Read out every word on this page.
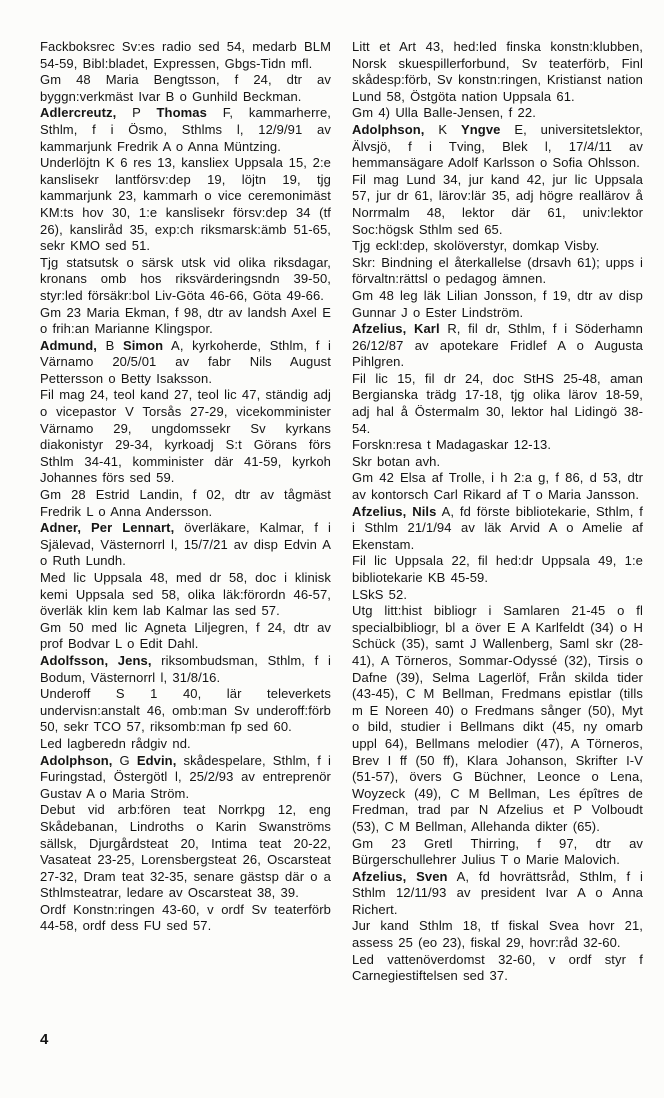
Fackboksrec Sv:es radio sed 54, medarb BLM 54-59, Bibl:bladet, Expressen, Gbgs-Tidn mfl.

Gm 48 Maria Bengtsson, f 24, dtr av byggn:verkmäst Ivar B o Gunhild Beckman.

Adlercreutz, P Thomas F, kammarherre, Sthlm, f i Ösmo, Sthlms l, 12/9/91 av kammarjunk Fredrik A o Anna Müntzing.

Underlöjtn K 6 res 13, kansliex Uppsala 15, 2:e kanslisekr lantförsv:dep 19, löjtn 19, tjg kammarjunk 23, kammarh o vice ceremonimäst KM:ts hov 30, 1:e kanslisekr försv:dep 34 (tf 26), kansliråd 35, exp:ch riksmarsk:ämb 51-65, sekr KMO sed 51.

Tjg statsutsk o särsk utsk vid olika riksdagar, kronans omb hos riksvärderingsndn 39-50, styr:led försäkr:bol Liv-Göta 46-66, Göta 49-66.

Gm 23 Maria Ekman, f 98, dtr av landsh Axel E o frih:an Marianne Klingspor.

Admund, B Simon A, kyrkoherde, Sthlm, f i Värnamo 20/5/01 av fabr Nils August Pettersson o Betty Isaksson.

Fil mag 24, teol kand 27, teol lic 47, ständig adj o vicepastor V Torsås 27-29, vicekomminister Värnamo 29, ungdomssekr Sv kyrkans diakonistyr 29-34, kyrkoadj S:t Görans förs Sthlm 34-41, komminister där 41-59, kyrkoh Johannes förs sed 59.

Gm 28 Estrid Landin, f 02, dtr av tågmäst Fredrik L o Anna Andersson.

Adner, Per Lennart, överläkare, Kalmar, f i Själevad, Västernorrl l, 15/7/21 av disp Edvin A o Ruth Lundh.

Med lic Uppsala 48, med dr 58, doc i klinisk kemi Uppsala sed 58, olika läk:förordn 46-57, överläk klin kem lab Kalmar las sed 57.

Gm 50 med lic Agneta Liljegren, f 24, dtr av prof Bodvar L o Edit Dahl.

Adolfsson, Jens, riksombudsman, Sthlm, f i Bodum, Västernorrl l, 31/8/16.

Underoff S 1 40, lär televerkets undervisn:anstalt 46, omb:man Sv underoff:förb 50, sekr TCO 57, riksomb:man fp sed 60.

Led lagberedn rådgiv nd.

Adolphson, G Edvin, skådespelare, Sthlm, f i Furingstad, Östergötl l, 25/2/93 av entreprenör Gustav A o Maria Ström.

Debut vid arb:fören teat Norrkpg 12, eng Skådebanan, Lindroths o Karin Swanströms sällsk, Djurgårdsteat 20, Intima teat 20-22, Vasateat 23-25, Lorensbergsteat 26, Oscarsteat 27-32, Dram teat 32-35, senare gästsp där o a Sthlmsteatrar, ledare av Oscarsteat 38, 39.

Ordf Konstn:ringen 43-60, v ordf Sv teaterförb 44-58, ordf dess FU sed 57.

Litt et Art 43, hed:led finska konstn:klubben, Norsk skuespillerforbund, Sv teaterförb, Finl skådesp:förb, Sv konstn:ringen, Kristianst nation Lund 58, Östgöta nation Uppsala 61.

Gm 4) Ulla Balle-Jensen, f 22.

Adolphson, K Yngve E, universitetslektor, Älvsjö, f i Tving, Blek l, 17/4/11 av hemmansägare Adolf Karlsson o Sofia Ohlsson.

Fil mag Lund 34, jur kand 42, jur lic Uppsala 57, jur dr 61, lärov:lär 35, adj högre reallärov å Norrmalm 48, lektor där 61, univ:lektor Soc:högsk Sthlm sed 65.

Tjg eckl:dep, skolöverstyr, domkap Visby.

Skr: Bindning el återkallelse (drsavh 61); upps i förvaltn:rättsl o pedagog ämnen.

Gm 48 leg läk Lilian Jonsson, f 19, dtr av disp Gunnar J o Ester Lindström.

Afzelius, Karl R, fil dr, Sthlm, f i Söderhamn 26/12/87 av apotekare Fridlef A o Augusta Pihlgren.

Fil lic 15, fil dr 24, doc StHS 25-48, aman Bergianska trädg 17-18, tjg olika lärov 18-59, adj hal å Östermalm 30, lektor hal Lidingö 38-54.

Forskn:resa t Madagaskar 12-13.

Skr botan avh.

Gm 42 Elsa af Trolle, i h 2:a g, f 86, d 53, dtr av kontorsch Carl Rikard af T o Maria Jansson.

Afzelius, Nils A, fd förste bibliotekarie, Sthlm, f i Sthlm 21/1/94 av läk Arvid A o Amelie af Ekenstam.

Fil lic Uppsala 22, fil hed:dr Uppsala 49, 1:e bibliotekarie KB 45-59.

LSkS 52.

Utg litt:hist bibliogr i Samlaren 21-45 o fl specialbibliogr, bl a över E A Karlfeldt (34) o H Schück (35), samt J Wallenberg, Saml skr (28-41), A Törneros, Sommar-Odyssé (32), Tirsis o Dafne (39), Selma Lagerlöf, Från skilda tider (43-45), C M Bellman, Fredmans epistlar (tills m E Noreen 40) o Fredmans sånger (50), Myt o bild, studier i Bellmans dikt (45, ny omarb uppl 64), Bellmans melodier (47), A Törneros, Brev I ff (50 ff), Klara Johanson, Skrifter I-V (51-57), övers G Büchner, Leonce o Lena, Woyzeck (49), C M Bellman, Les épîtres de Fredman, trad par N Afzelius et P Volboudt (53), C M Bellman, Allehanda dikter (65).

Gm 23 Gretl Thirring, f 97, dtr av Bürgerschullehrer Julius T o Marie Malovich.

Afzelius, Sven A, fd hovrättsråd, Sthlm, f i Sthlm 12/11/93 av president Ivar A o Anna Richert.

Jur kand Sthlm 18, tf fiskal Svea hovr 21, assess 25 (eo 23), fiskal 29, hovr:råd 32-60.

Led vattenöverdomst 32-60, v ordf styr f Carnegiestiftelsen sed 37.

4
